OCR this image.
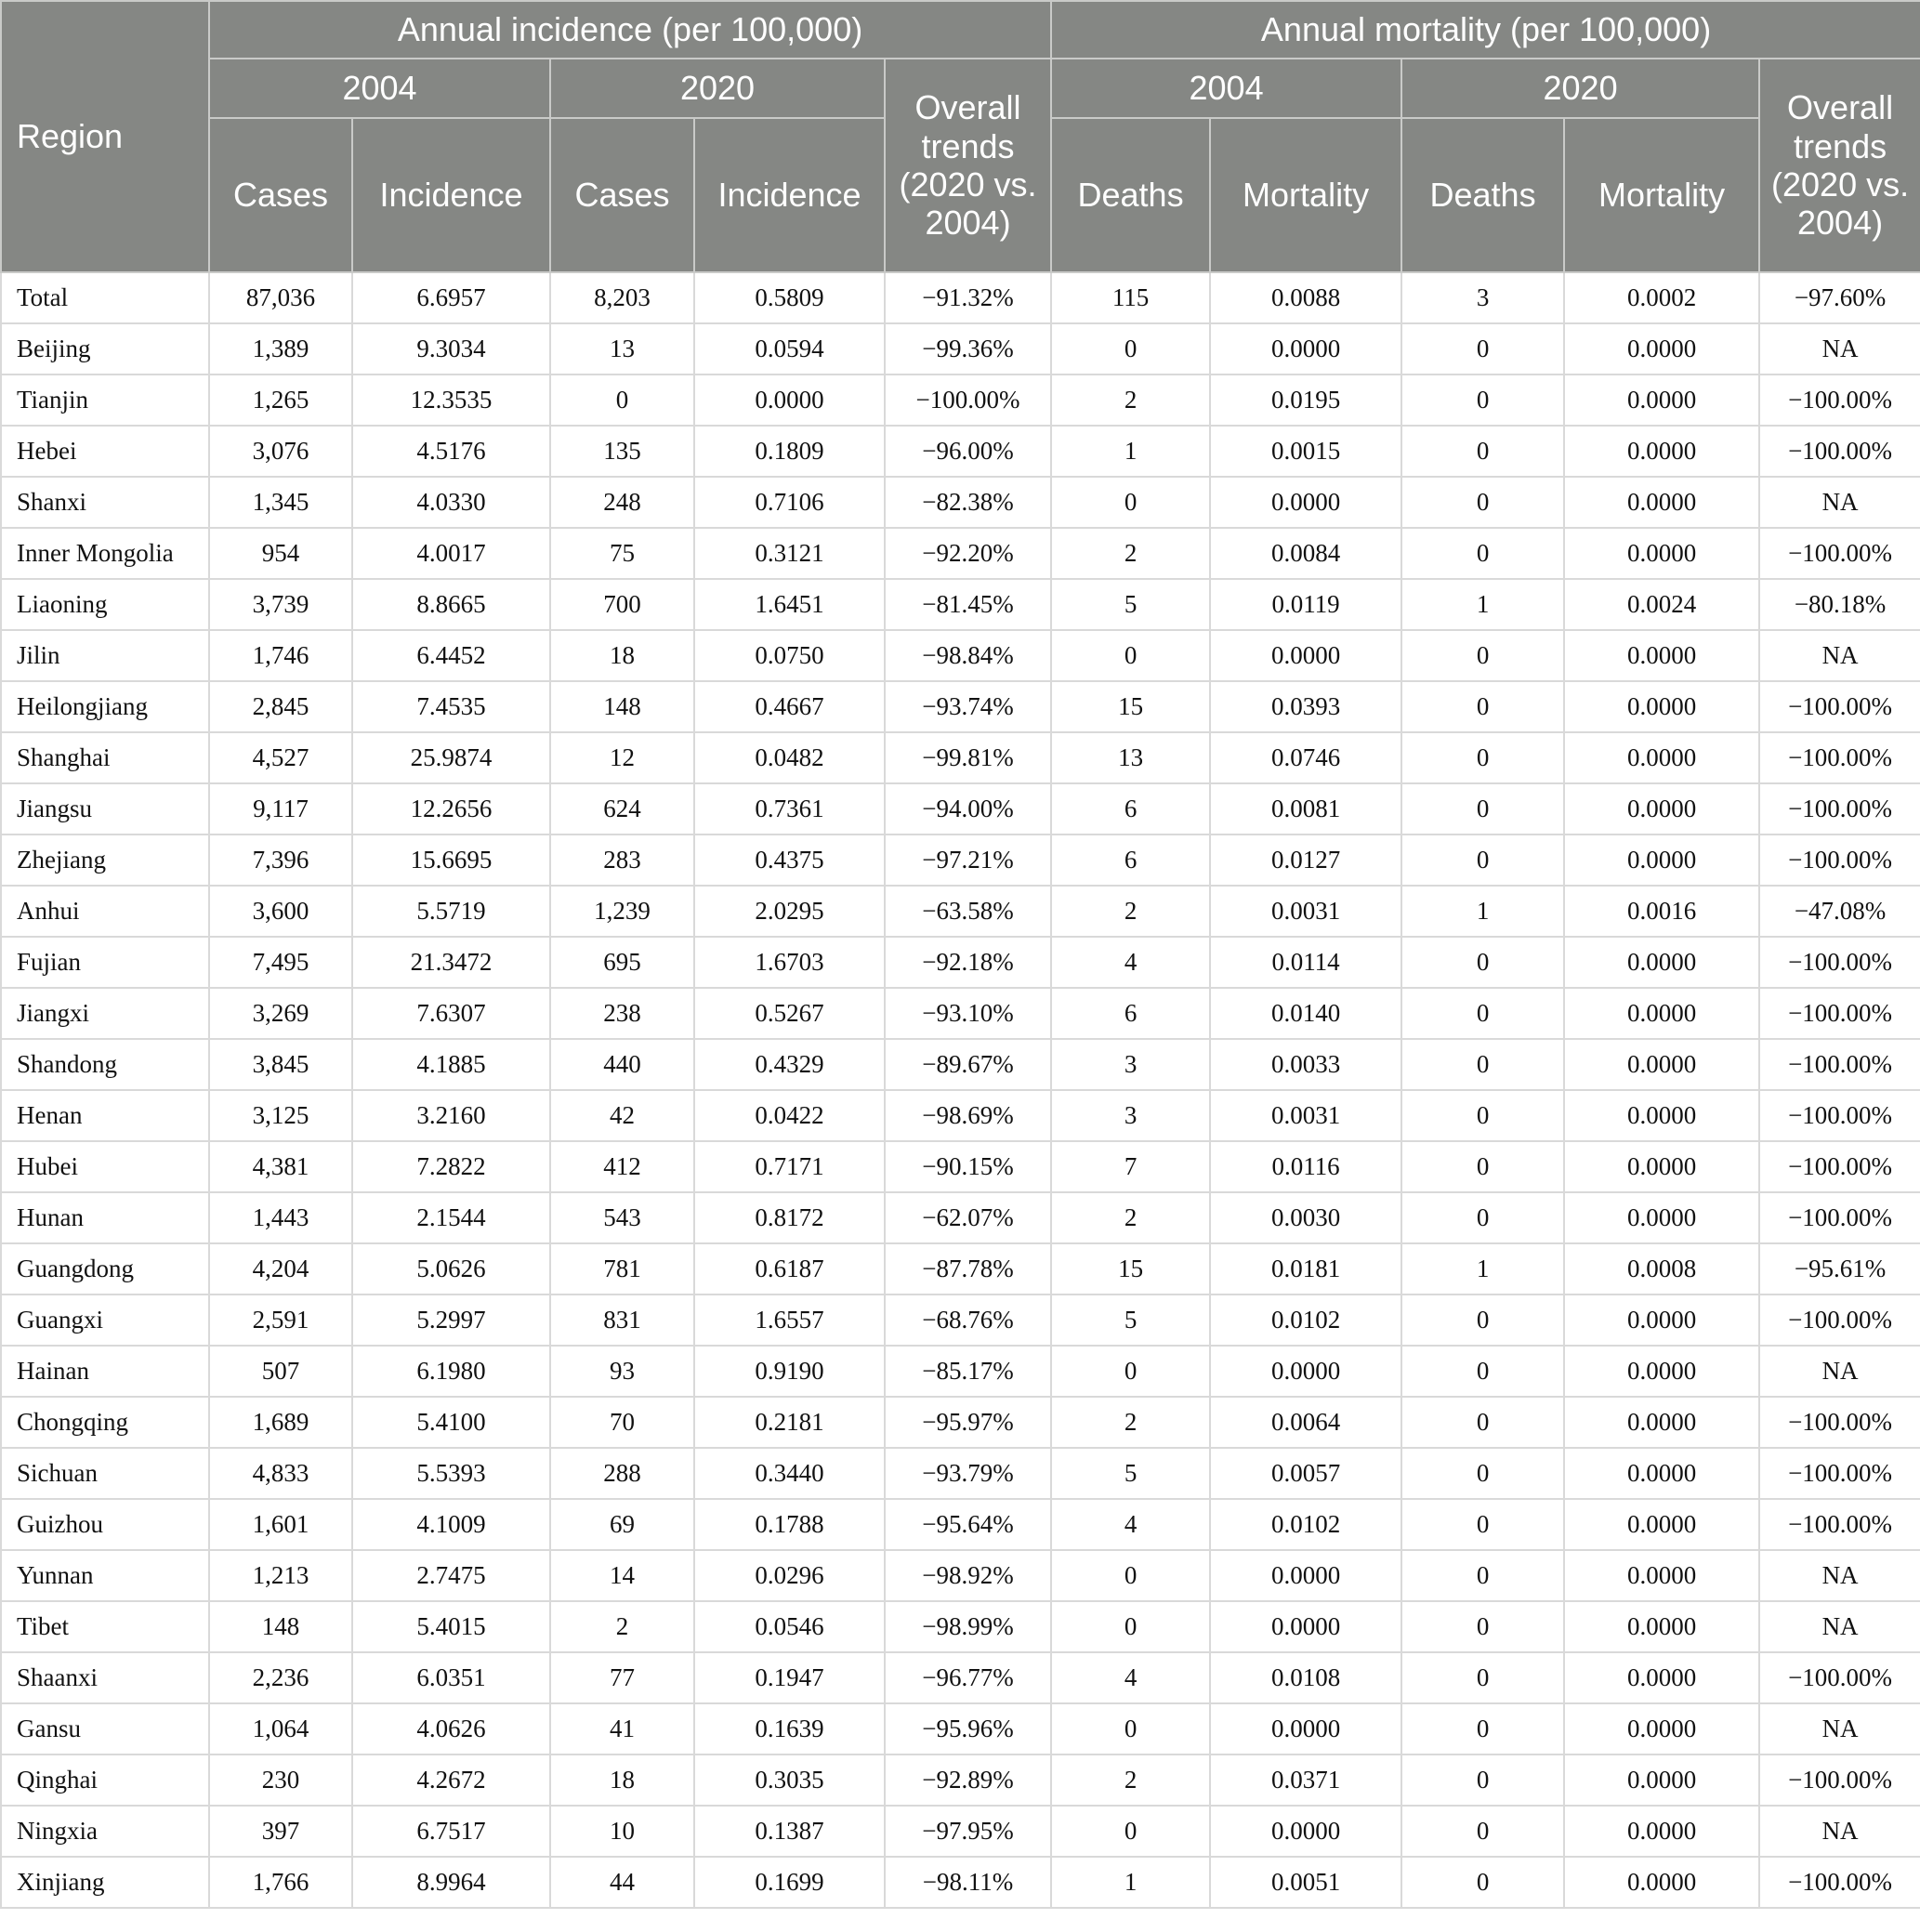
Region	Annual incidence (per 100,000)					Annual mortality (per 100,000)				
	2004		2020		Overall trends (2020 vs. 2004)	2004		2020		Overall trends (2020 vs. 2004)
	Cases	Incidence	Cases	Incidence		Deaths	Mortality	Deaths	Mortality	
Total	87,036	6.6957	8,203	0.5809	−91.32%	115	0.0088	3	0.0002	−97.60%
Beijing	1,389	9.3034	13	0.0594	−99.36%	0	0.0000	0	0.0000	NA
Tianjin	1,265	12.3535	0	0.0000	−100.00%	2	0.0195	0	0.0000	−100.00%
Hebei	3,076	4.5176	135	0.1809	−96.00%	1	0.0015	0	0.0000	−100.00%
Shanxi	1,345	4.0330	248	0.7106	−82.38%	0	0.0000	0	0.0000	NA
Inner Mongolia	954	4.0017	75	0.3121	−92.20%	2	0.0084	0	0.0000	−100.00%
Liaoning	3,739	8.8665	700	1.6451	−81.45%	5	0.0119	1	0.0024	−80.18%
Jilin	1,746	6.4452	18	0.0750	−98.84%	0	0.0000	0	0.0000	NA
Heilongjiang	2,845	7.4535	148	0.4667	−93.74%	15	0.0393	0	0.0000	−100.00%
Shanghai	4,527	25.9874	12	0.0482	−99.81%	13	0.0746	0	0.0000	−100.00%
Jiangsu	9,117	12.2656	624	0.7361	−94.00%	6	0.0081	0	0.0000	−100.00%
Zhejiang	7,396	15.6695	283	0.4375	−97.21%	6	0.0127	0	0.0000	−100.00%
Anhui	3,600	5.5719	1,239	2.0295	−63.58%	2	0.0031	1	0.0016	−47.08%
Fujian	7,495	21.3472	695	1.6703	−92.18%	4	0.0114	0	0.0000	−100.00%
Jiangxi	3,269	7.6307	238	0.5267	−93.10%	6	0.0140	0	0.0000	−100.00%
Shandong	3,845	4.1885	440	0.4329	−89.67%	3	0.0033	0	0.0000	−100.00%
Henan	3,125	3.2160	42	0.0422	−98.69%	3	0.0031	0	0.0000	−100.00%
Hubei	4,381	7.2822	412	0.7171	−90.15%	7	0.0116	0	0.0000	−100.00%
Hunan	1,443	2.1544	543	0.8172	−62.07%	2	0.0030	0	0.0000	−100.00%
Guangdong	4,204	5.0626	781	0.6187	−87.78%	15	0.0181	1	0.0008	−95.61%
Guangxi	2,591	5.2997	831	1.6557	−68.76%	5	0.0102	0	0.0000	−100.00%
Hainan	507	6.1980	93	0.9190	−85.17%	0	0.0000	0	0.0000	NA
Chongqing	1,689	5.4100	70	0.2181	−95.97%	2	0.0064	0	0.0000	−100.00%
Sichuan	4,833	5.5393	288	0.3440	−93.79%	5	0.0057	0	0.0000	−100.00%
Guizhou	1,601	4.1009	69	0.1788	−95.64%	4	0.0102	0	0.0000	−100.00%
Yunnan	1,213	2.7475	14	0.0296	−98.92%	0	0.0000	0	0.0000	NA
Tibet	148	5.4015	2	0.0546	−98.99%	0	0.0000	0	0.0000	NA
Shaanxi	2,236	6.0351	77	0.1947	−96.77%	4	0.0108	0	0.0000	−100.00%
Gansu	1,064	4.0626	41	0.1639	−95.96%	0	0.0000	0	0.0000	NA
Qinghai	230	4.2672	18	0.3035	−92.89%	2	0.0371	0	0.0000	−100.00%
Ningxia	397	6.7517	10	0.1387	−97.95%	0	0.0000	0	0.0000	NA
Xinjiang	1,766	8.9964	44	0.1699	−98.11%	1	0.0051	0	0.0000	−100.00%
